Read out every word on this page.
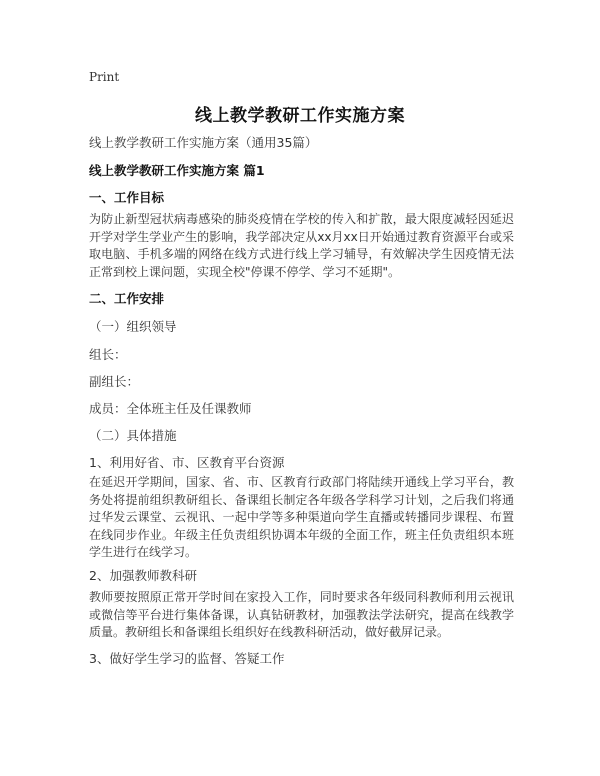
Print
线上教学教研工作实施方案
线上教学教研工作实施方案（通用35篇）
线上教学教研工作实施方案 篇1
一、工作目标
为防止新型冠状病毒感染的肺炎疫情在学校的传入和扩散，最大限度减轻因延迟开学对学生学业产生的影响，我学部决定从xx月xx日开始通过教育资源平台或采取电脑、手机多端的网络在线方式进行线上学习辅导，有效解决学生因疫情无法正常到校上课问题，实现全校"停课不停学、学习不延期"。
二、工作安排
（一）组织领导
组长：
副组长：
成员：全体班主任及任课教师
（二）具体措施
1、利用好省、市、区教育平台资源
在延迟开学期间，国家、省、市、区教育行政部门将陆续开通线上学习平台，教务处将提前组织教研组长、备课组长制定各年级各学科学习计划，之后我们将通过华发云课堂、云视讯、一起中学等多种渠道向学生直播或转播同步课程、布置在线同步作业。年级主任负责组织协调本年级的全面工作，班主任负责组织本班学生进行在线学习。
2、加强教师教科研
教师要按照原正常开学时间在家投入工作，同时要求各年级同科教师利用云视讯或微信等平台进行集体备课，认真钻研教材，加强教法学法研究，提高在线教学质量。教研组长和备课组长组织好在线教科研活动，做好截屏记录。
3、做好学生学习的监督、答疑工作
